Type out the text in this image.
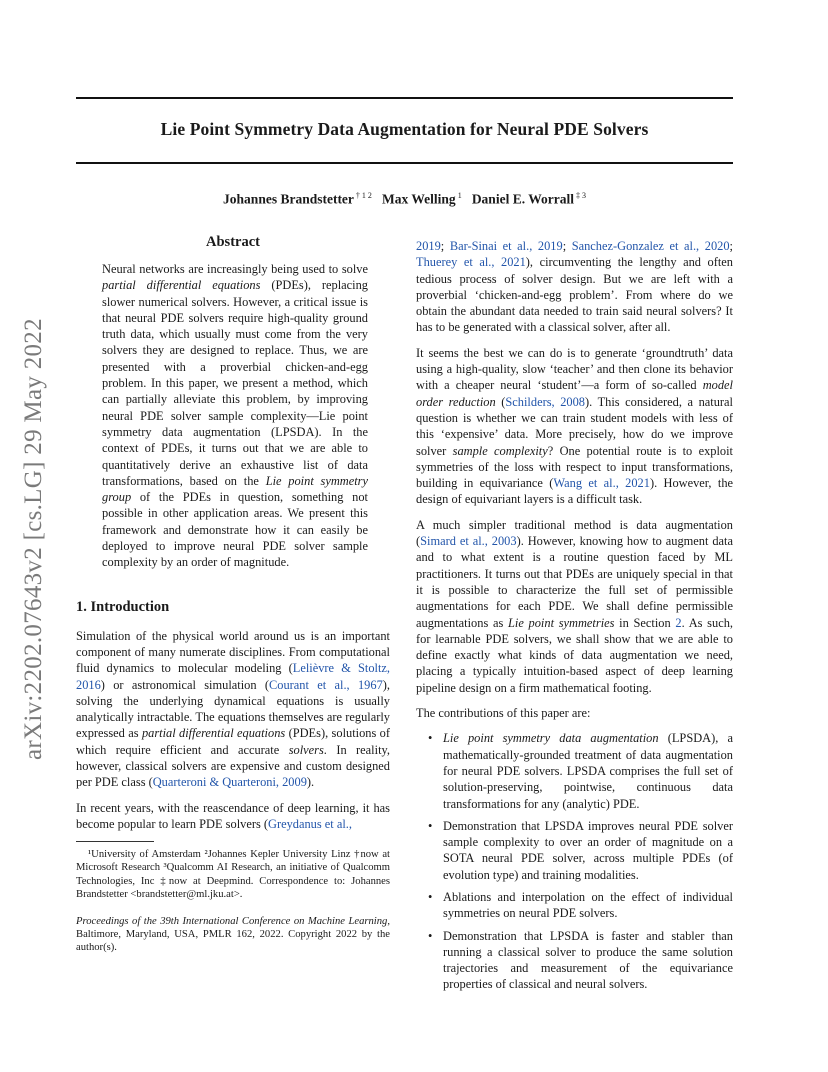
Lie Point Symmetry Data Augmentation for Neural PDE Solvers
Johannes Brandstetter $^{\dagger 1 2}$ Max Welling $^1$ Daniel E. Worrall $^{\ddagger 3}$
arXiv:2202.07643v2 [cs.LG] 29 May 2022
Abstract

Neural networks are increasingly being used to solve partial differential equations (PDEs), replacing slower numerical solvers. However, a critical issue is that neural PDE solvers require high-quality ground truth data, which usually must come from the very solvers they are designed to replace. Thus, we are presented with a proverbial chicken-and-egg problem. In this paper, we present a method, which can partially alleviate this problem, by improving neural PDE solver sample complexity—Lie point symmetry data augmentation (LPSDA). In the context of PDEs, it turns out that we are able to quantitatively derive an exhaustive list of data transformations, based on the Lie point symmetry group of the PDEs in question, something not possible in other application areas. We present this framework and demonstrate how it can easily be deployed to improve neural PDE solver sample complexity by an order of magnitude.

1. Introduction

Simulation of the physical world around us is an important component of many numerate disciplines. From computational fluid dynamics to molecular modeling (Lelièvre & Stoltz, 2016) or astronomical simulation (Courant et al., 1967), solving the underlying dynamical equations is usually analytically intractable. The equations themselves are regularly expressed as partial differential equations (PDEs), solutions of which require efficient and accurate solvers. In reality, however, classical solvers are expensive and custom designed per PDE class (Quarteroni & Quarteroni, 2009).

In recent years, with the reascendance of deep learning, it has become popular to learn PDE solvers (Greydanus et al.,

¹University of Amsterdam ²Johannes Kepler University Linz †now at Microsoft Research ³Qualcomm AI Research, an initiative of Qualcomm Technologies, Inc ‡now at Deepmind. Correspondence to: Johannes Brandstetter <brandstetter@ml.jku.at>.

Proceedings of the 39th International Conference on Machine Learning, Baltimore, Maryland, USA, PMLR 162, 2022. Copyright 2022 by the author(s).

2019; Bar-Sinai et al., 2019; Sanchez-Gonzalez et al., 2020; Thuerey et al., 2021), circumventing the lengthy and often tedious process of solver design. But we are left with a proverbial ‘chicken-and-egg problem’. From where do we obtain the abundant data needed to train said neural solvers? It has to be generated with a classical solver, after all.

It seems the best we can do is to generate ‘groundtruth’ data using a high-quality, slow ‘teacher’ and then clone its behavior with a cheaper neural ‘student’—a form of so-called model order reduction (Schilders, 2008). This considered, a natural question is whether we can train student models with less of this ‘expensive’ data. More precisely, how do we improve solver sample complexity? One potential route is to exploit symmetries of the loss with respect to input transformations, building in equivariance (Wang et al., 2021). However, the design of equivariant layers is a difficult task.

A much simpler traditional method is data augmentation (Simard et al., 2003). However, knowing how to augment data and to what extent is a routine question faced by ML practitioners. It turns out that PDEs are uniquely special in that it is possible to characterize the full set of permissible augmentations for each PDE. We shall define permissible augmentations as Lie point symmetries in Section 2. As such, for learnable PDE solvers, we shall show that we are able to define exactly what kinds of data augmentation we need, placing a typically intuition-based aspect of deep learning pipeline design on a firm mathematical footing.

The contributions of this paper are:

• Lie point symmetry data augmentation (LPSDA), a mathematically-grounded treatment of data augmentation for neural PDE solvers. LPSDA comprises the full set of solution-preserving, pointwise, continuous data transformations for any (analytic) PDE.
• Demonstration that LPSDA improves neural PDE solver sample complexity to over an order of magnitude on a SOTA neural PDE solver, across multiple PDEs (of evolution type) and training modalities.
• Ablations and interpolation on the effect of individual symmetries on neural PDE solvers.
• Demonstration that LPSDA is faster and stabler than running a classical solver to produce the same solution trajectories and measurement of the equivariance properties of classical and neural solvers.
